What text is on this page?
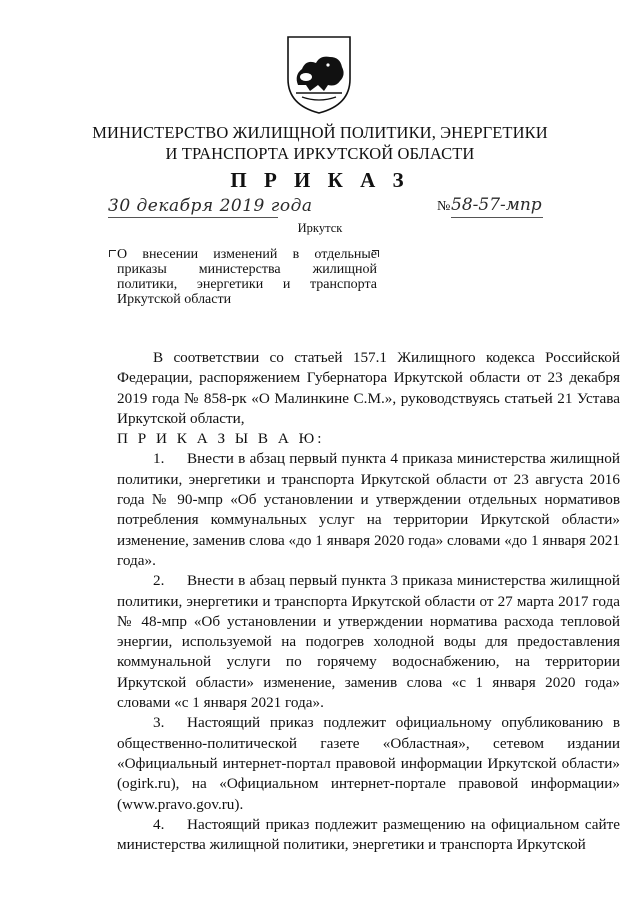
МИНИСТЕРСТВО ЖИЛИЩНОЙ ПОЛИТИКИ, ЭНЕРГЕТИКИ
И ТРАНСПОРТА ИРКУТСКОЙ ОБЛАСТИ
П Р И К А З
30 декабря 2019 года	№ 58-57-мпр
Иркутск
О внесении изменений в отдельные
приказы министерства жилищной
политики, энергетики и транспорта
Иркутской области

В соответствии со статьей 157.1 Жилищного кодекса Российской Федерации, распоряжением Губернатора Иркутской области от 23 декабря 2019 года № 858-рк «О Малинкине С.М.», руководствуясь статьей 21 Устава Иркутской области,

П Р И К А З Ы В А Ю:

1. Внести в абзац первый пункта 4 приказа министерства жилищной политики, энергетики и транспорта Иркутской области от 23 августа 2016 года № 90-мпр «Об установлении и утверждении отдельных нормативов потребления коммунальных услуг на территории Иркутской области» изменение, заменив слова «до 1 января 2020 года» словами «до 1 января 2021 года».

2. Внести в абзац первый пункта 3 приказа министерства жилищной политики, энергетики и транспорта Иркутской области от 27 марта 2017 года № 48-мпр «Об установлении и утверждении норматива расхода тепловой энергии, используемой на подогрев холодной воды для предоставления коммунальной услуги по горячему водоснабжению, на территории Иркутской области» изменение, заменив слова «с 1 января 2020 года» словами «с 1 января 2021 года».

3. Настоящий приказ подлежит официальному опубликованию в общественно-политической газете «Областная», сетевом издании «Официальный интернет-портал правовой информации Иркутской области» (ogirk.ru), на «Официальном интернет-портале правовой информации» (www.pravo.gov.ru).

4. Настоящий приказ подлежит размещению на официальном сайте министерства жилищной политики, энергетики и транспорта Иркутской
